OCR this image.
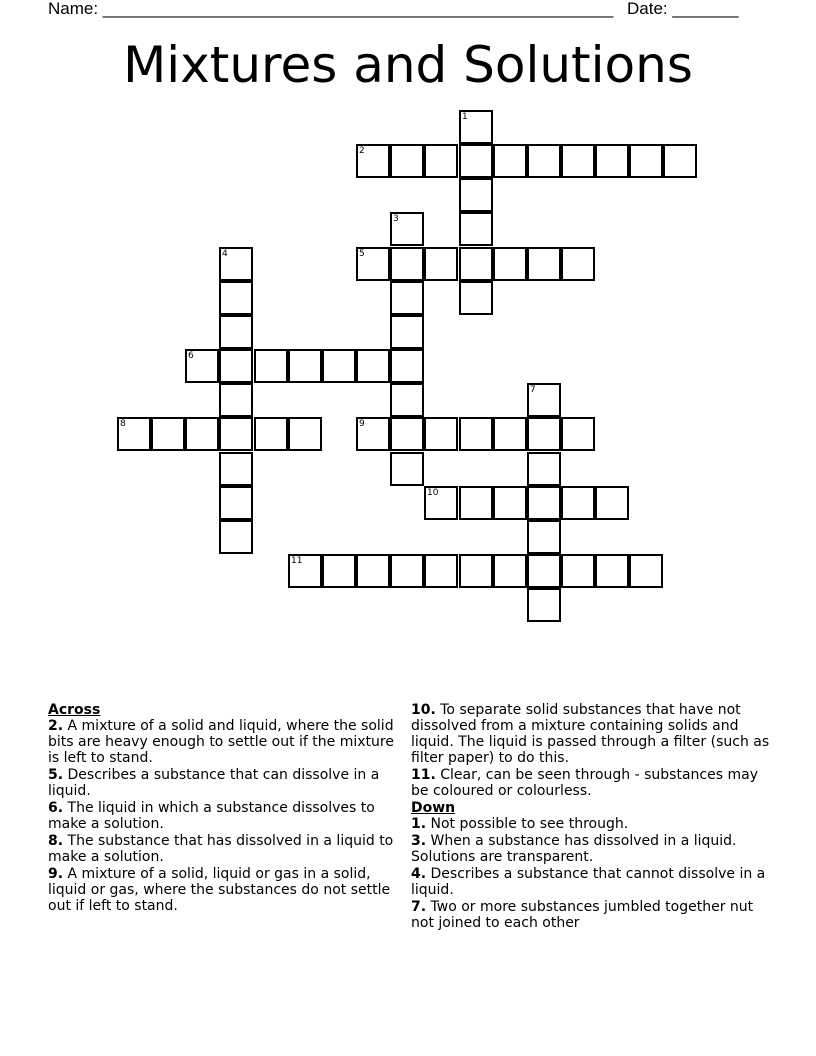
Name: ______________________________________________________

Date: _______

Mixtures and Solutions
1
2
3
4	5
6
7
8	9
10
11
Across
2. A mixture of a solid and liquid, where the solid bits are heavy enough to settle out if the mixture is left to stand.
5. Describes a substance that can dissolve in a liquid.
6. The liquid in which a substance dissolves to make a solution.
8. The substance that has dissolved in a liquid to make a solution.
9. A mixture of a solid, liquid or gas in a solid, liquid or gas, where the substances do not settle out if left to stand.
10. To separate solid substances that have not dissolved from a mixture containing solids and liquid. The liquid is passed through a filter (such as filter paper) to do this.
11. Clear, can be seen through - substances may be coloured or colourless.
Down
1. Not possible to see through.
3. When a substance has dissolved in a liquid. Solutions are transparent.
4. Describes a substance that cannot dissolve in a liquid.
7. Two or more substances jumbled together nut not joined to each other
